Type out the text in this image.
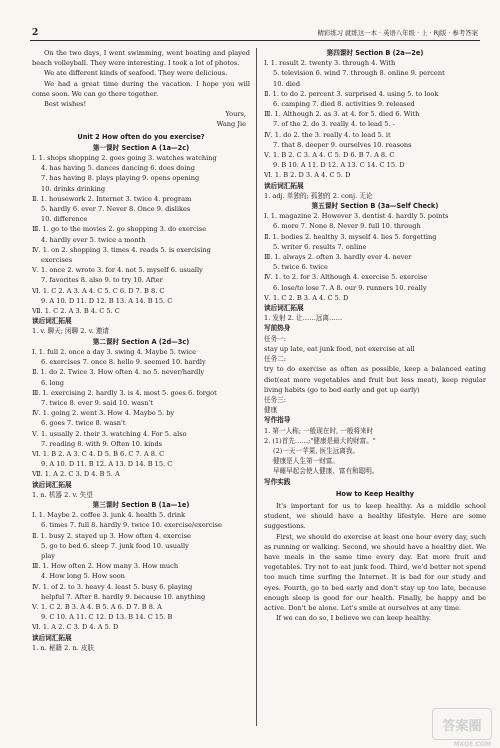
2	精彩练习 就练这一本 · 英语八年级 · 上 · RJ版 · 参考答案
On the two days, I went swimming, went boating and played beach volleyball. They were interesting. I took a lot of photos.
We ate different kinds of seafood. They were delicious.
We had a great time during the vacation. I hope you will come soon. We can go there together.
Best wishes!
Yours,
Wang Jie
Unit 2 How often do you exercise?
第一课时 Section A (1a—2c)
Ⅰ. 1. shops shopping 2. goes going 3. watches watching
4. has having 5. dances dancing 6. does doing
7. has having 8. plays playing 9. opens opening
10. drinks drinking
Ⅱ. 1. housework 2. Internet 3. twice 4. program
5. hardly 6. ever 7. Never 8. Once 9. dislikes
10. difference
Ⅲ. 1. go to the movies 2. go shopping 3. do exercise
4. hardly ever 5. twice a month
Ⅳ. 1. on 2. shopping 3. times 4. reads 5. is exercising
exercises
Ⅴ. 1. once 2. wrote 3. for 4. not 5. myself 6. usually
7. favorites 8. also 9. to try 10. After
Ⅵ. 1. C 2. A 3. A 4. C 5. C 6. D 7. B 8. C
9. A 10. D 11. D 12. B 13. A 14. B 15. C
Ⅶ. 1. C 2. A 3. B 4. C 5. C
读后词汇拓展
1. v. 聊天; 闲聊 2. v. 邀请
第二课时 Section A (2d—3c)
Ⅰ. 1. full 2. once a day 3. swing 4. Maybe 5. twice
6. exercises 7. once 8. hello 9. seemed 10. hardly
Ⅱ. 1. do 2. Twice 3. How often 4. no 5. never/hardly
6. long
Ⅲ. 1. exercising 2. hardly 3. is 4. most 5. goes 6. forgot
7. twice 8. ever 9. said 10. wasn't
Ⅳ. 1. going 2. went 3. How 4. Maybe 5. by
6. goes 7. twice 8. wasn't
Ⅴ. 1. usually 2. their 3. watching 4. For 5. also
7. reading 8. with 9. Often 10. kinds
Ⅵ. 1. B 2. A 3. C 4. D 5. B 6. C 7. A 8. C
9. A 10. D 11. B 12. A 13. D 14. B 15. C
Ⅶ. 1. A 2. C 3. D 4. B 5. A
读后词汇拓展
1. n. 机器 2. v. 失望
第三课时 Section B (1a—1e)
Ⅰ. 1. Maybe 2. coffee 3. junk 4. health 5. drink
6. times 7. full 8. hardly 9. twice 10. exercise/exercise
Ⅱ. 1. busy 2. stayed up 3. How often 4. exercise
5. go to bed 6. sleep 7. junk food 10. usually
play
Ⅲ. 1. How often 2. How many 3. How much
4. How long 5. How soon
Ⅳ. 1. of 2. to 3. heavy 4. least 5. busy 6. playing
helpful 7. After 8. hardly 9. because 10. anything
Ⅴ. 1. C 2. B 3. A 4. B 5. A 6. D 7. B 8. A
9. C 10. A 11. C 12. D 13. B 14. C 15. B
Ⅵ. 1. A 2. C 3. D 4. A 5. D
读后词汇拓展
1. n. 秘籍 2. n. 皮肤
第四课时 Section B (2a—2e)
Ⅰ. 1. result 2. twenty 3. through 4. With
5. television 6. wind 7. through 8. online 9. percent
10. died
Ⅱ. 1. to do 2. percent 3. surprised 4. using 5. to look
6. camping 7. died 8. activities 9. released
Ⅲ. 1. Although 2. as 3. at 4. for 5. died 6. With
7. of the 2. do 3. really 4. to lead 5. -
Ⅳ. 1. do 2. the 3. really 4. to lead 5. it
7. that 8. deeper 9. ourselves 10. reasons
Ⅴ. 1. B 2. C 3. A 4. C 5. D 6. B 7. A 8. C
9. B 10. A 11. D 12. A 13. C 14. C 15. D
Ⅵ. 1. B 2. D 3. A 4. C 5. D
读后词汇拓展
1. adj. 单独的; 孤独的 2. conj. 无论
第五课时 Section B (3a—Self Check)
Ⅰ. 1. magazine 2. However 3. dentist 4. hardly 5. points
6. more 7. None 8. Never 9. full 10. through
Ⅱ. 1. bodies 2. healthy 3. myself 4. lies 5. forgetting
5. writer 6. results 7. online
Ⅲ. 1. always 2. often 3. hardly ever 4. never
5. twice 6. twice
Ⅳ. 1. to 2. for 3. Although 4. exercise 5. exercise
6. lose/to lose 7. A 8. our 9. runners 10. really
Ⅴ. 1. C 2. B 3. A 4. C 5. D
读后词汇拓展
1. 发射 2. 让……远离……
写前热身
任务一:
stay up late, eat junk food, not exercise at all
任务二:
try to do exercise as often as possible, keep a balanced eating diet(eat more vegetables and fruit but less meat), keep regular living habits (go to bed early and get up early)
任务三:
健康
写作指导
1. 第一人称; 一般现在时, 一般将来时
2. (1)首先……;"健康是最大的财富。"
(2)一天一苹果, 医生远离我。
健康是人生第一财富。
早睡早起会使人健康、富有和聪明。
写作实践
How to Keep Healthy
It's important for us to keep healthy. As a middle school student, we should have a healthy lifestyle. Here are some suggestions.
First, we should do exercise at least one hour every day, such as running or walking. Second, we should have a healthy diet. We have meals in the same time every day. Eat more fruit and vegetables. Try not to eat junk food. Third, we'd better not spend too much time surfing the Internet. It is bad for our study and eyes. Fourth, go to bed early and don't stay up too late, because enough sleep is good for our health. Finally, be happy and be active. Don't be alone. Let's smile at ourselves at any time.
If we can do so, I believe we can keep healthy.
答案圈
MXQE.COM
